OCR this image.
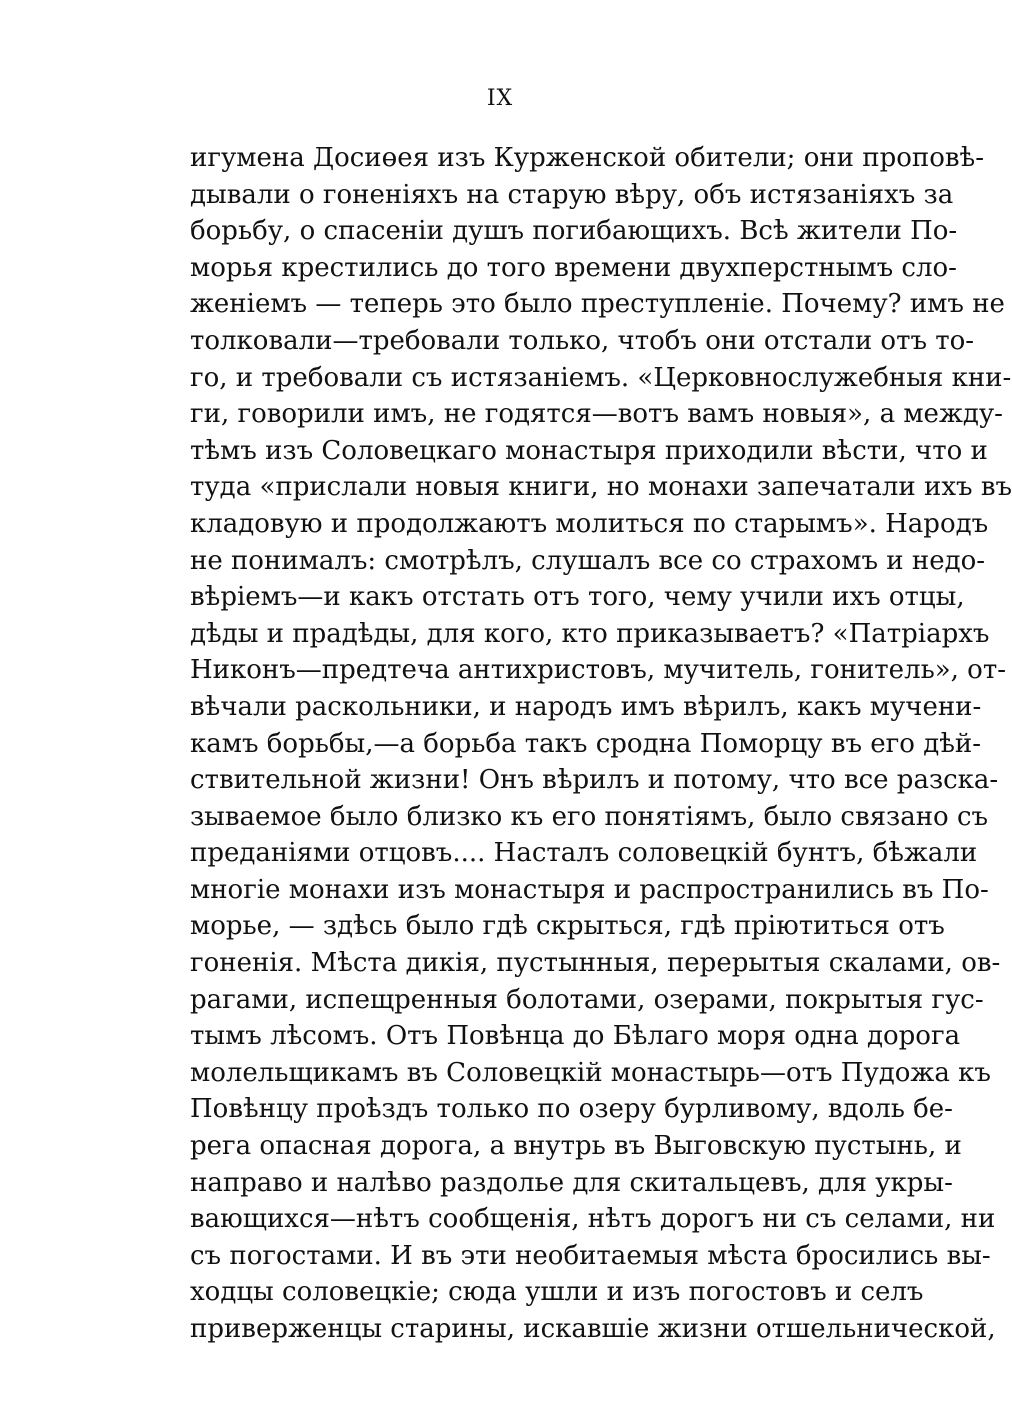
IX
игумена Досиөея изъ Курженской обители; они проповѣ-
дывали о гоненіяхъ на старую вѣру, объ истязаніяхъ за
борьбу, о спасеніи душъ погибающихъ. Всѣ жители По-
морья крестились до того времени двухперстнымъ сло-
женіемъ — теперь это было преступленіе. Почему? имъ не
толковали—требовали только, чтобъ они отстали отъ то-
го, и требовали съ истязаніемъ. «Церковнослужебныя кни-
ги, говорили имъ, не годятся—вотъ вамъ новыя», а между-
тѣмъ изъ Соловецкаго монастыря приходили вѣсти, что и
туда «прислали новыя книги, но монахи запечатали ихъ въ
кладовую и продолжаютъ молиться по старымъ». Народъ
не понималъ: смотрѣлъ, слушалъ все со страхомъ и недо-
вѣріемъ—и какъ отстать отъ того, чему учили ихъ отцы,
дѣды и прадѣды, для кого, кто приказываетъ? «Патріархъ
Никонъ—предтеча антихристовъ, мучитель, гонитель», от-
вѣчали раскольники, и народъ имъ вѣрилъ, какъ мучени-
камъ борьбы,—а борьба такъ сродна Поморцу въ его дѣй-
ствительной жизни! Онъ вѣрилъ и потому, что все разска-
зываемое было близко къ его понятіямъ, было связано съ
преданіями отцовъ.... Насталъ соловецкій бунтъ, бѣжали
многіе монахи изъ монастыря и распространились въ По-
морье, — здѣсь было гдѣ скрыться, гдѣ пріютиться отъ
гоненія. Мѣста дикія, пустынныя, перерытыя скалами, ов-
рагами, испещренныя болотами, озерами, покрытыя гус-
тымъ лѣсомъ. Отъ Повѣнца до Бѣлаго моря одна дорога
молельщикамъ въ Соловецкій монастырь—отъ Пудожа къ
Повѣнцу проѣздъ только по озеру бурливому, вдоль бе-
рега опасная дорога, а внутрь въ Выговскую пустынь, и
направо и налѣво раздолье для скитальцевъ, для укры-
вающихся—нѣтъ сообщенія, нѣтъ дорогъ ни съ селами, ни
съ погостами. И въ эти необитаемыя мѣста бросились вы-
ходцы соловецкіе; сюда ушли и изъ погостовъ и селъ
приверженцы старины, искавшіе жизни отшельнической,
